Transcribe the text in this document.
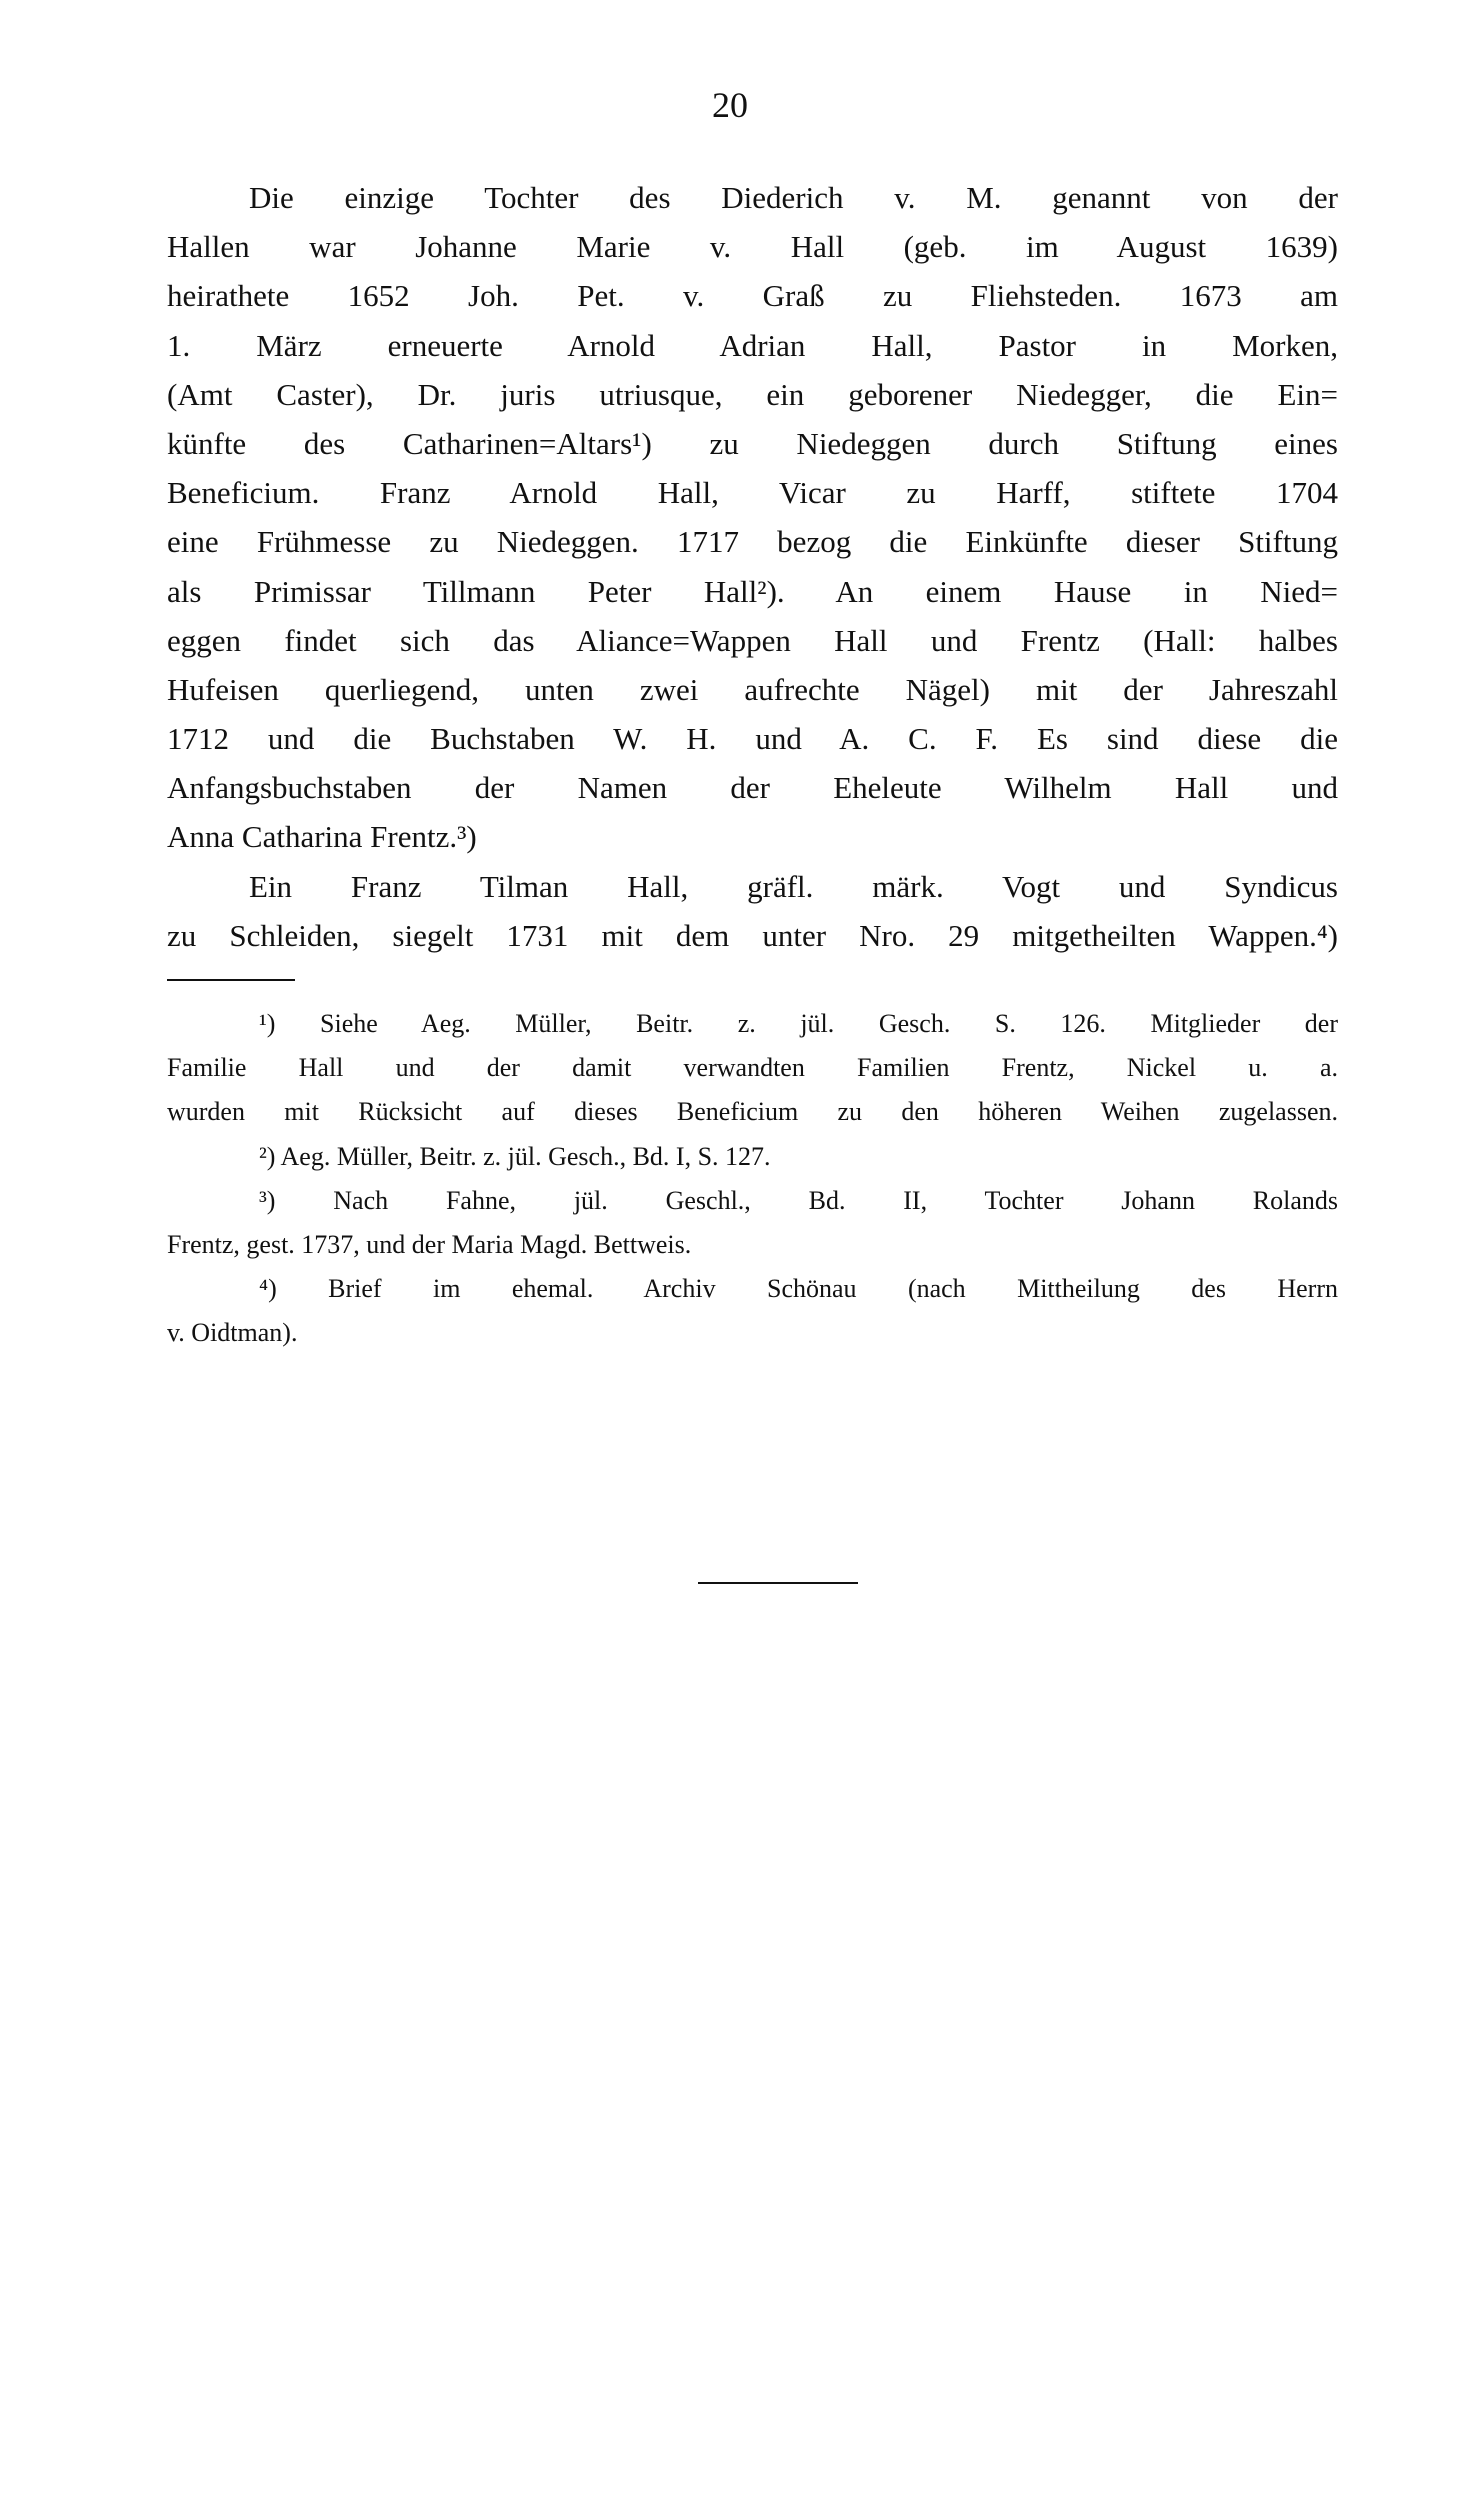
20
Die einzige Tochter des Diederich v. M. genannt von der
Hallen war Johanne Marie v. Hall (geb. im August 1639)
heirathete 1652 Joh. Pet. v. Graß zu Fliehsteden. 1673 am
1. März erneuerte Arnold Adrian Hall, Pastor in Morken,
(Amt Caster), Dr. juris utriusque, ein geborener Niedegger, die Ein=
künfte des Catharinen=Altars¹) zu Niedeggen durch Stiftung eines
Beneficium. Franz Arnold Hall, Vicar zu Harff, stiftete 1704
eine Frühmesse zu Niedeggen. 1717 bezog die Einkünfte dieser Stiftung
als Primissar Tillmann Peter Hall²). An einem Hause in Nied=
eggen findet sich das Aliance=Wappen Hall und Frentz (Hall: halbes
Hufeisen querliegend, unten zwei aufrechte Nägel) mit der Jahreszahl
1712 und die Buchstaben W. H. und A. C. F. Es sind diese die
Anfangsbuchstaben der Namen der Eheleute Wilhelm Hall und
Anna Catharina Frentz.³)
Ein Franz Tilman Hall, gräfl. märk. Vogt und Syndicus
zu Schleiden, siegelt 1731 mit dem unter Nro. 29 mitgetheilten Wappen.⁴)
¹) Siehe Aeg. Müller, Beitr. z. jül. Gesch. S. 126. Mitglieder der
Familie Hall und der damit verwandten Familien Frentz, Nickel u. a.
wurden mit Rücksicht auf dieses Beneficium zu den höheren Weihen zugelassen.
²) Aeg. Müller, Beitr. z. jül. Gesch., Bd. I, S. 127.
³) Nach Fahne, jül. Geschl., Bd. II, Tochter Johann Rolands
Frentz, gest. 1737, und der Maria Magd. Bettweis.
⁴) Brief im ehemal. Archiv Schönau (nach Mittheilung des Herrn
v. Oidtman).
